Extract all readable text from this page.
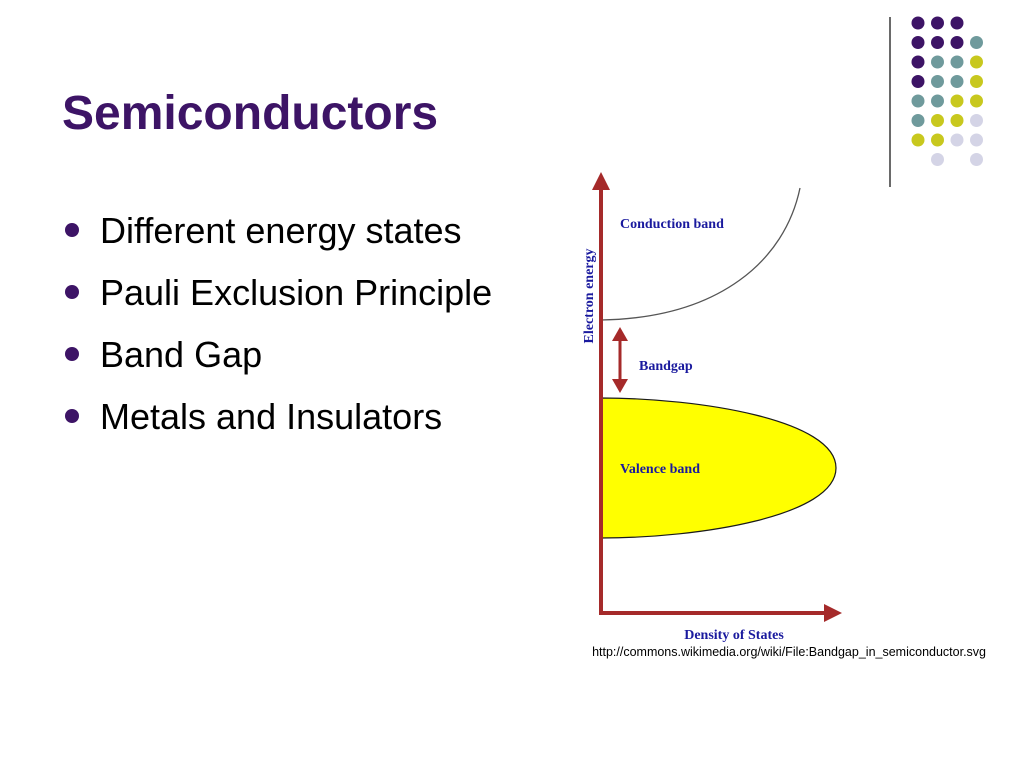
Semiconductors
Different energy states
Pauli Exclusion Principle
Band Gap
Metals and Insulators
Conduction band
Bandgap
Valence band
Electron energy
Density of States
http://commons.wikimedia.org/wiki/File:Bandgap_in_semiconductor.svg
